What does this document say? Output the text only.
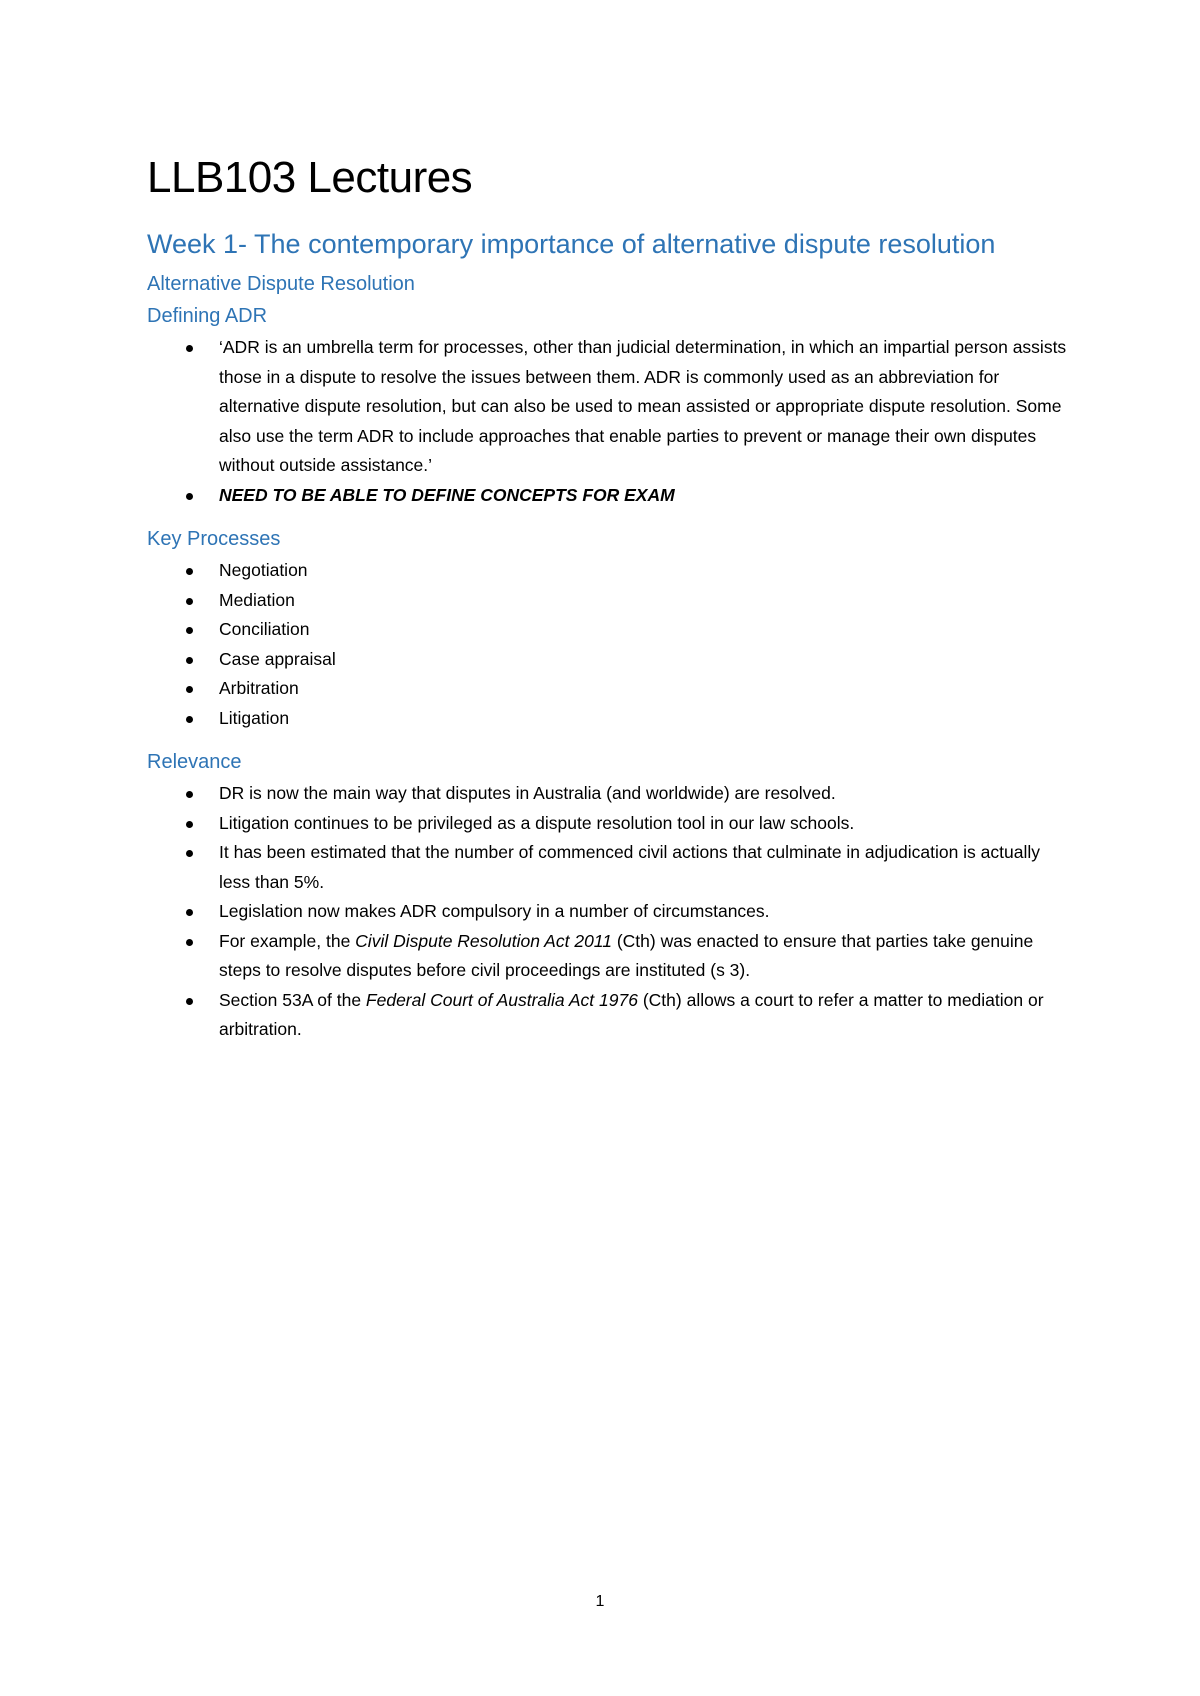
LLB103 Lectures
Week 1- The contemporary importance of alternative dispute resolution
Alternative Dispute Resolution
Defining ADR
‘ADR is an umbrella term for processes, other than judicial determination, in which an impartial person assists those in a dispute to resolve the issues between them. ADR is commonly used as an abbreviation for alternative dispute resolution, but can also be used to mean assisted or appropriate dispute resolution. Some also use the term ADR to include approaches that enable parties to prevent or manage their own disputes without outside assistance.’
NEED TO BE ABLE TO DEFINE CONCEPTS FOR EXAM
Key Processes
Negotiation
Mediation
Conciliation
Case appraisal
Arbitration
Litigation
Relevance
DR is now the main way that disputes in Australia (and worldwide) are resolved.
Litigation continues to be privileged as a dispute resolution tool in our law schools.
It has been estimated that the number of commenced civil actions that culminate in adjudication is actually less than 5%.
Legislation now makes ADR compulsory in a number of circumstances.
For example, the Civil Dispute Resolution Act 2011 (Cth) was enacted to ensure that parties take genuine steps to resolve disputes before civil proceedings are instituted (s 3).
Section 53A of the Federal Court of Australia Act 1976 (Cth) allows a court to refer a matter to mediation or arbitration.
1
